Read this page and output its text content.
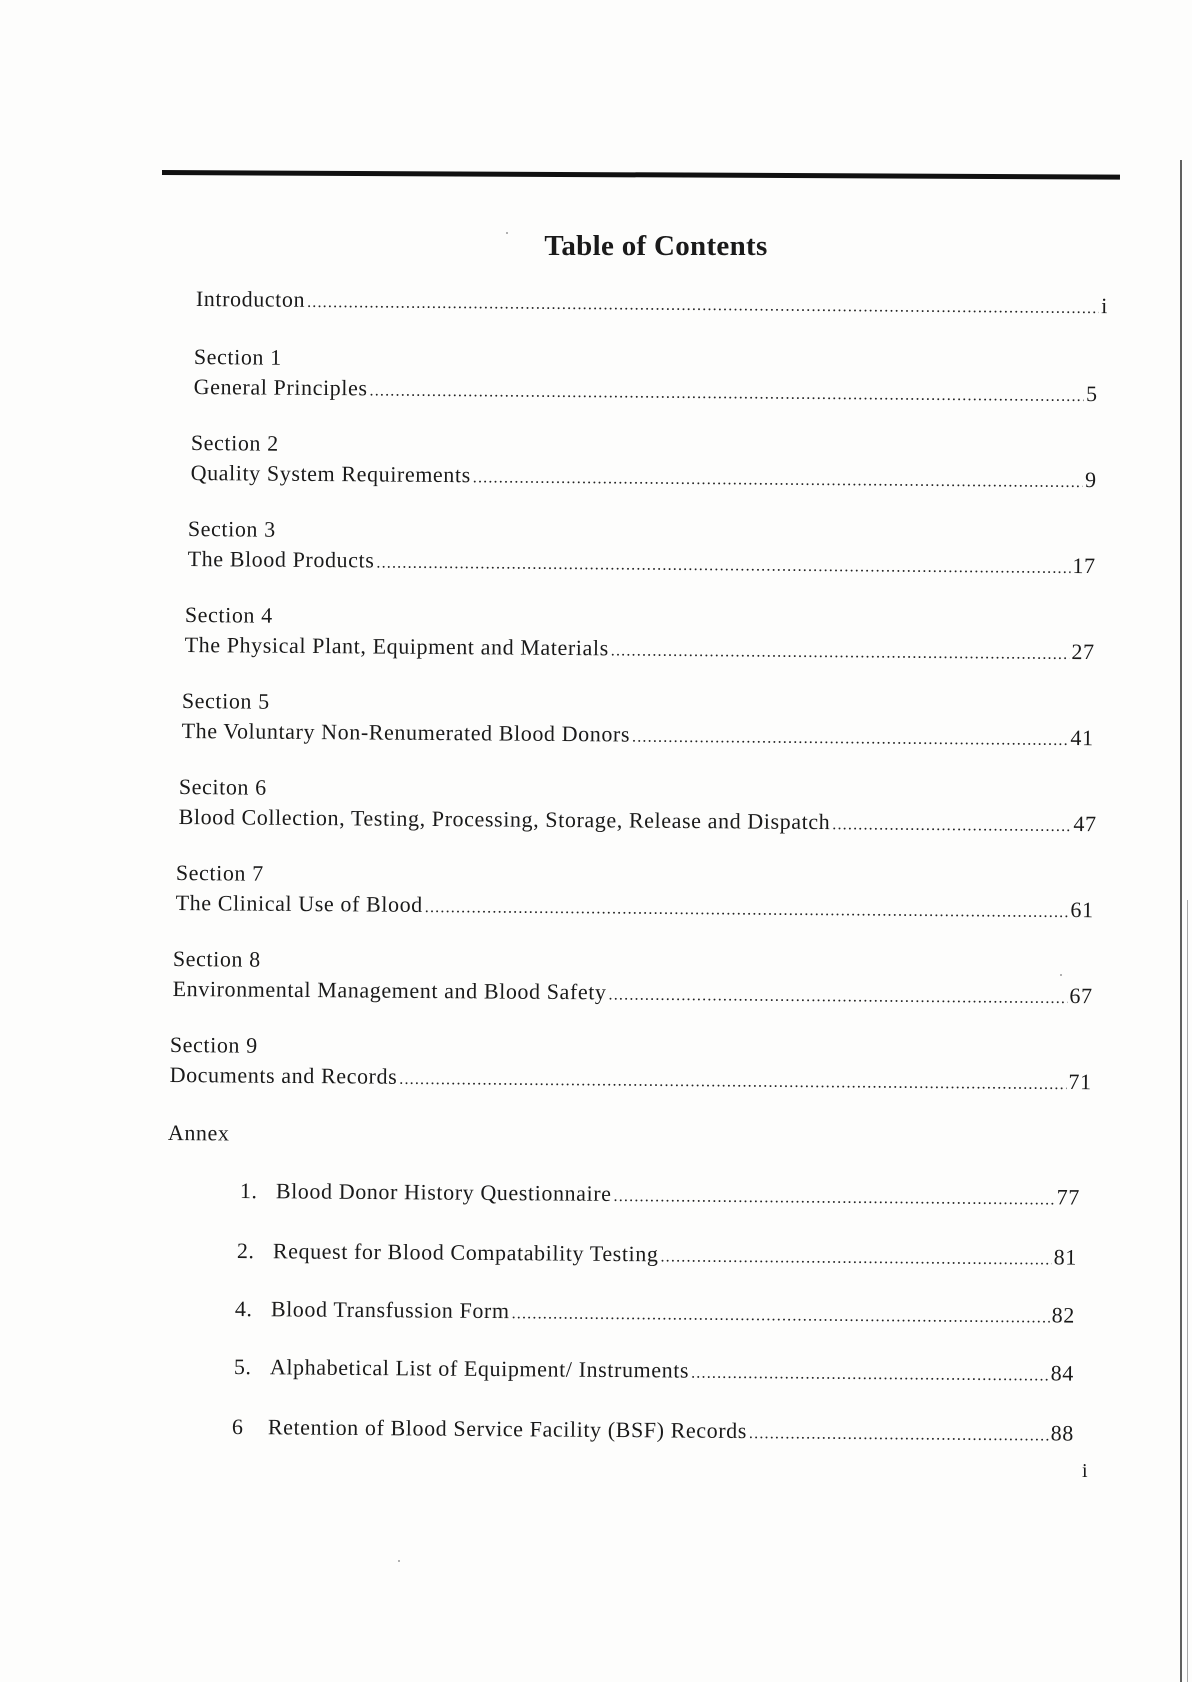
Table of Contents
Introducton .....	i
Section 1
General Principles .....	5
Section 2
Quality System Requirements .....	9
Section 3
The Blood Products .....	17
Section 4
The Physical Plant, Equipment and Materials .....	27
Section 5
The Voluntary Non-Renumerated Blood Donors .....	41
Seciton 6
Blood Collection, Testing, Processing, Storage, Release and Dispatch .....	47
Section 7
The Clinical Use of Blood .....	61
Section 8
Environmental Management and Blood Safety .....	67
Section 9
Documents and Records .....	71
Annex
1. Blood Donor History Questionnaire .....	77
2. Request for Blood Compatability Testing .....	81
4. Blood Transfussion Form .....	82
5. Alphabetical List of Equipment/ Instruments .....	84
6	Retention of Blood Service Facility (BSF) Records .....	88
i
